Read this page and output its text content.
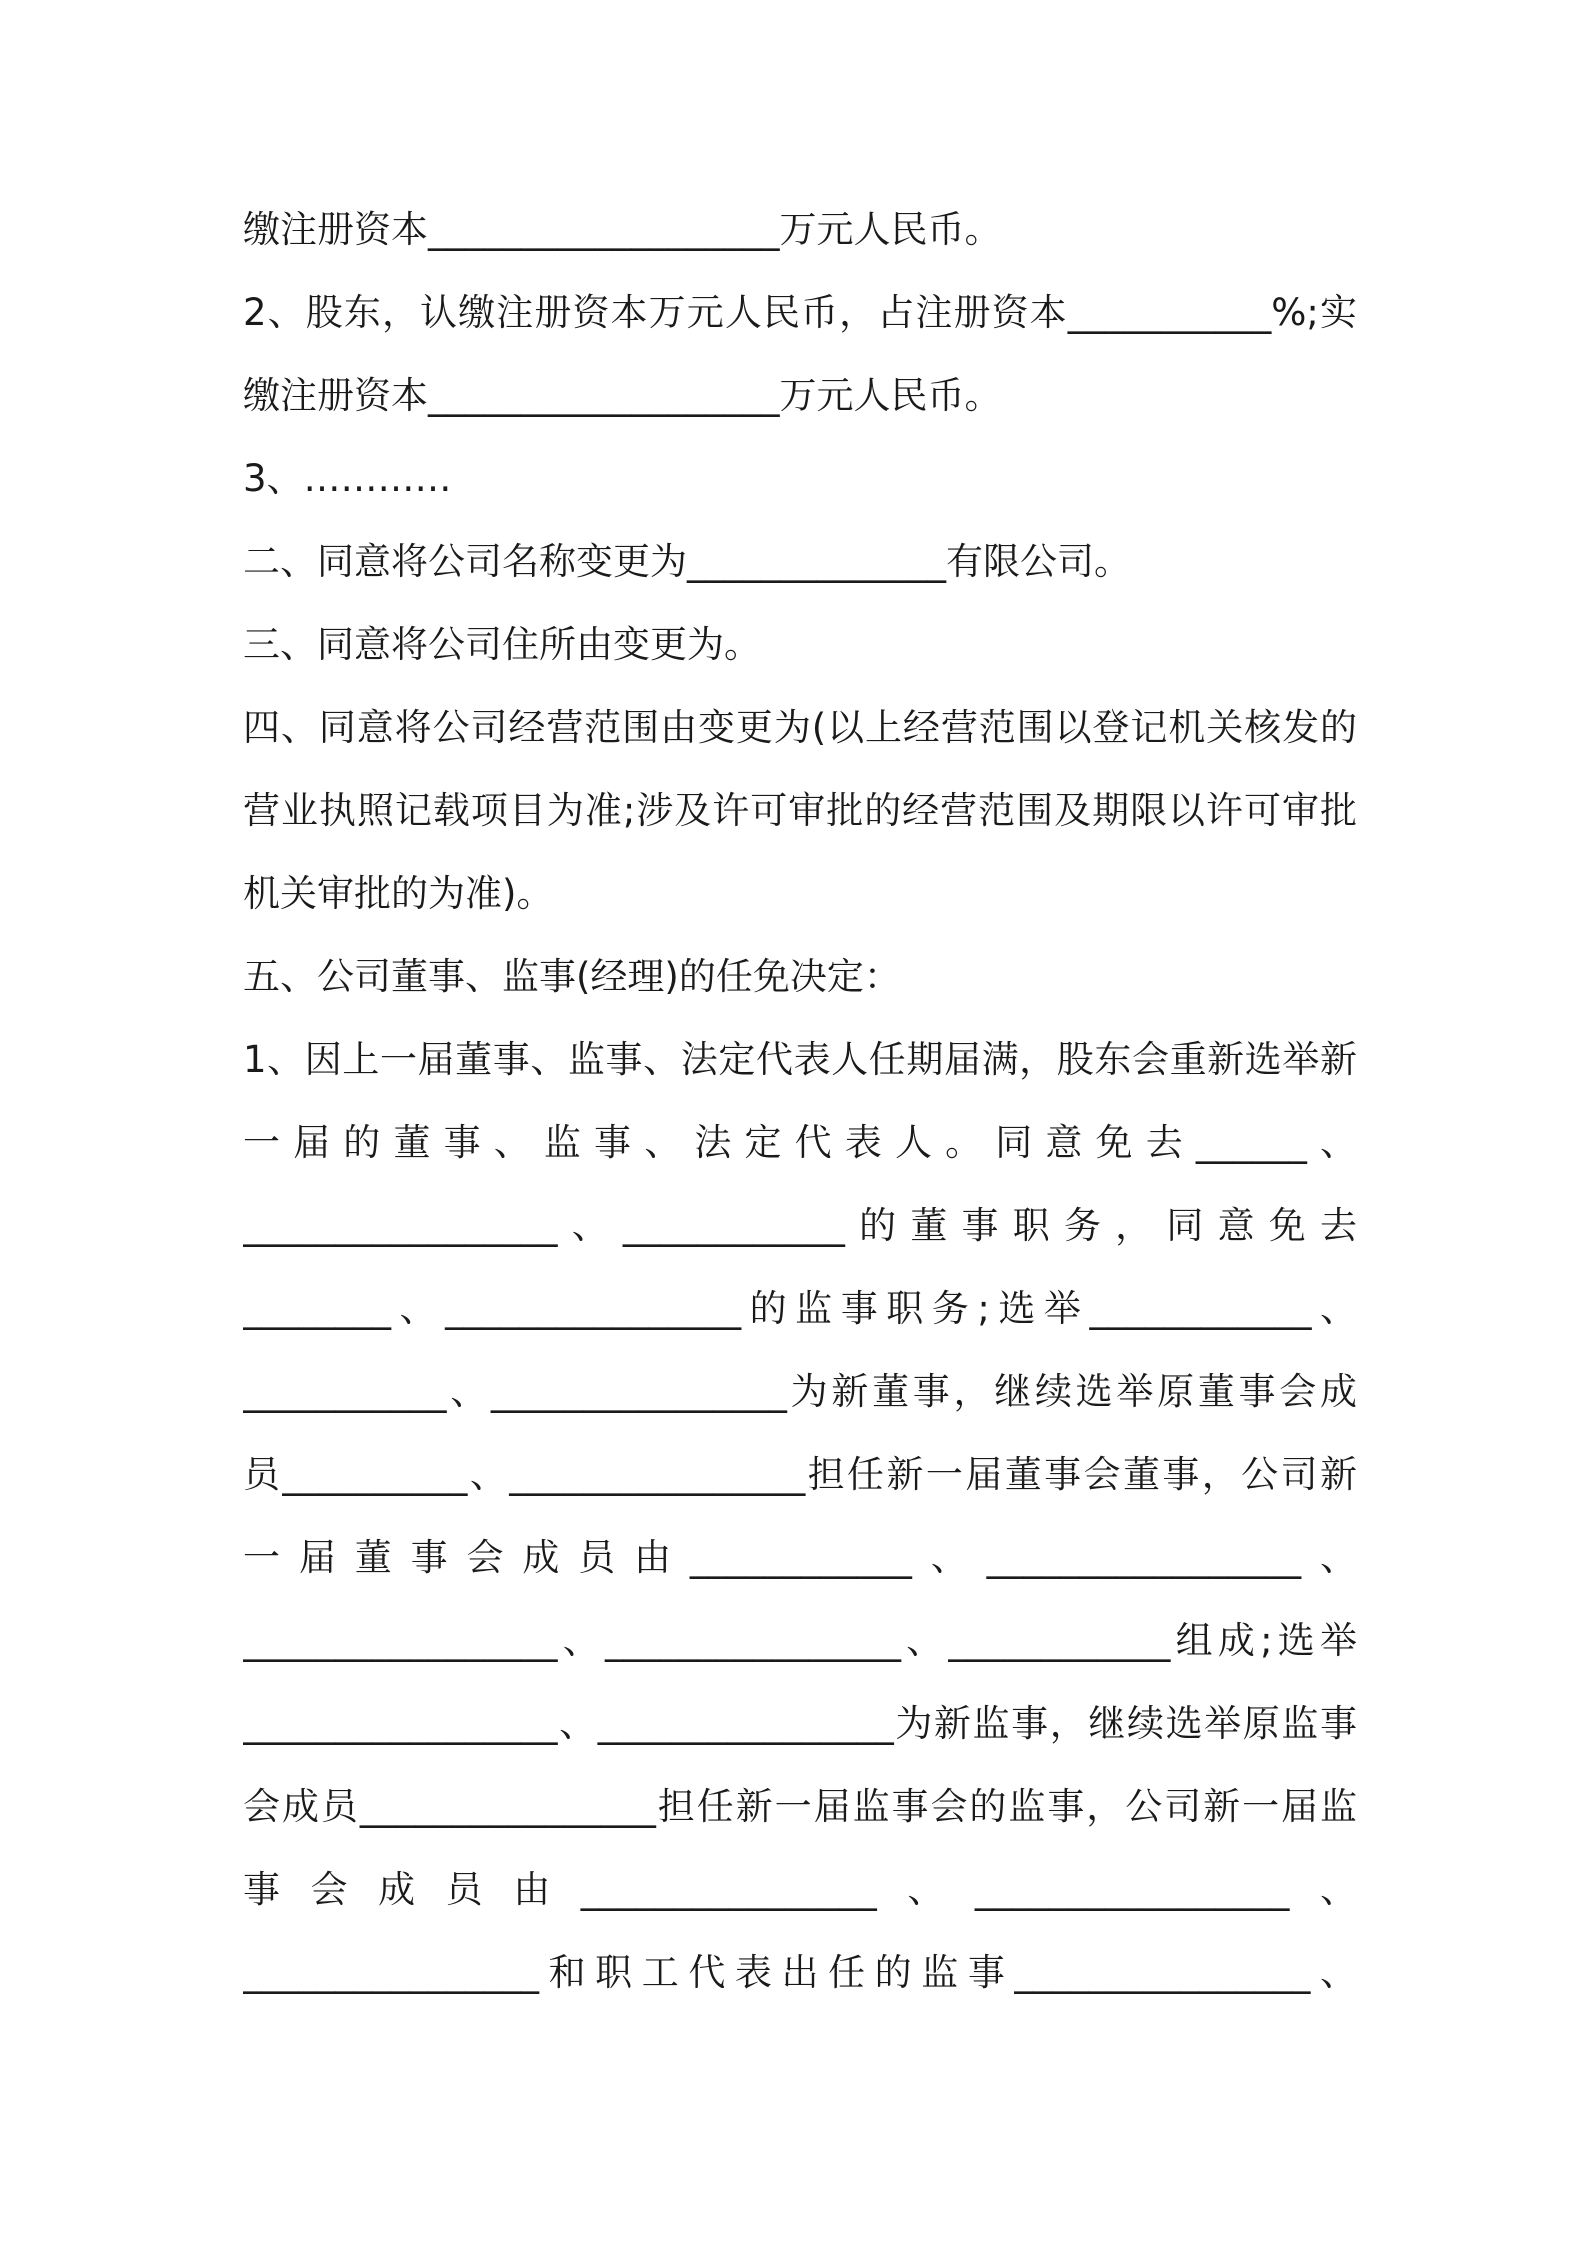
缴注册资本___________________万元人民币。
2、股东，认缴注册资本万元人民币，占注册资本___________%;实
缴注册资本___________________万元人民币。
3、…………
二、同意将公司名称变更为______________有限公司。
三、同意将公司住所由变更为。
四、同意将公司经营范围由变更为(以上经营范围以登记机关核发的
营业执照记载项目为准;涉及许可审批的经营范围及期限以许可审批
机关审批的为准)。
五、公司董事、监事(经理)的任免决定：
1、因上一届董事、监事、法定代表人任期届满，股东会重新选举新
一届的董事、监事、法定代表人。同意免去______、
_________________、____________的董事职务，同意免去
________、________________的监事职务;选举____________、
___________、________________为新董事，继续选举原董事会成
员__________、________________担任新一届董事会董事，公司新
一届董事会成员由____________、_________________、
_________________、________________、____________组成;选举
_________________、________________为新监事，继续选举原监事
会成员________________担任新一届监事会的监事，公司新一届监
事会成员由________________、_________________、
________________和职工代表出任的监事________________、
